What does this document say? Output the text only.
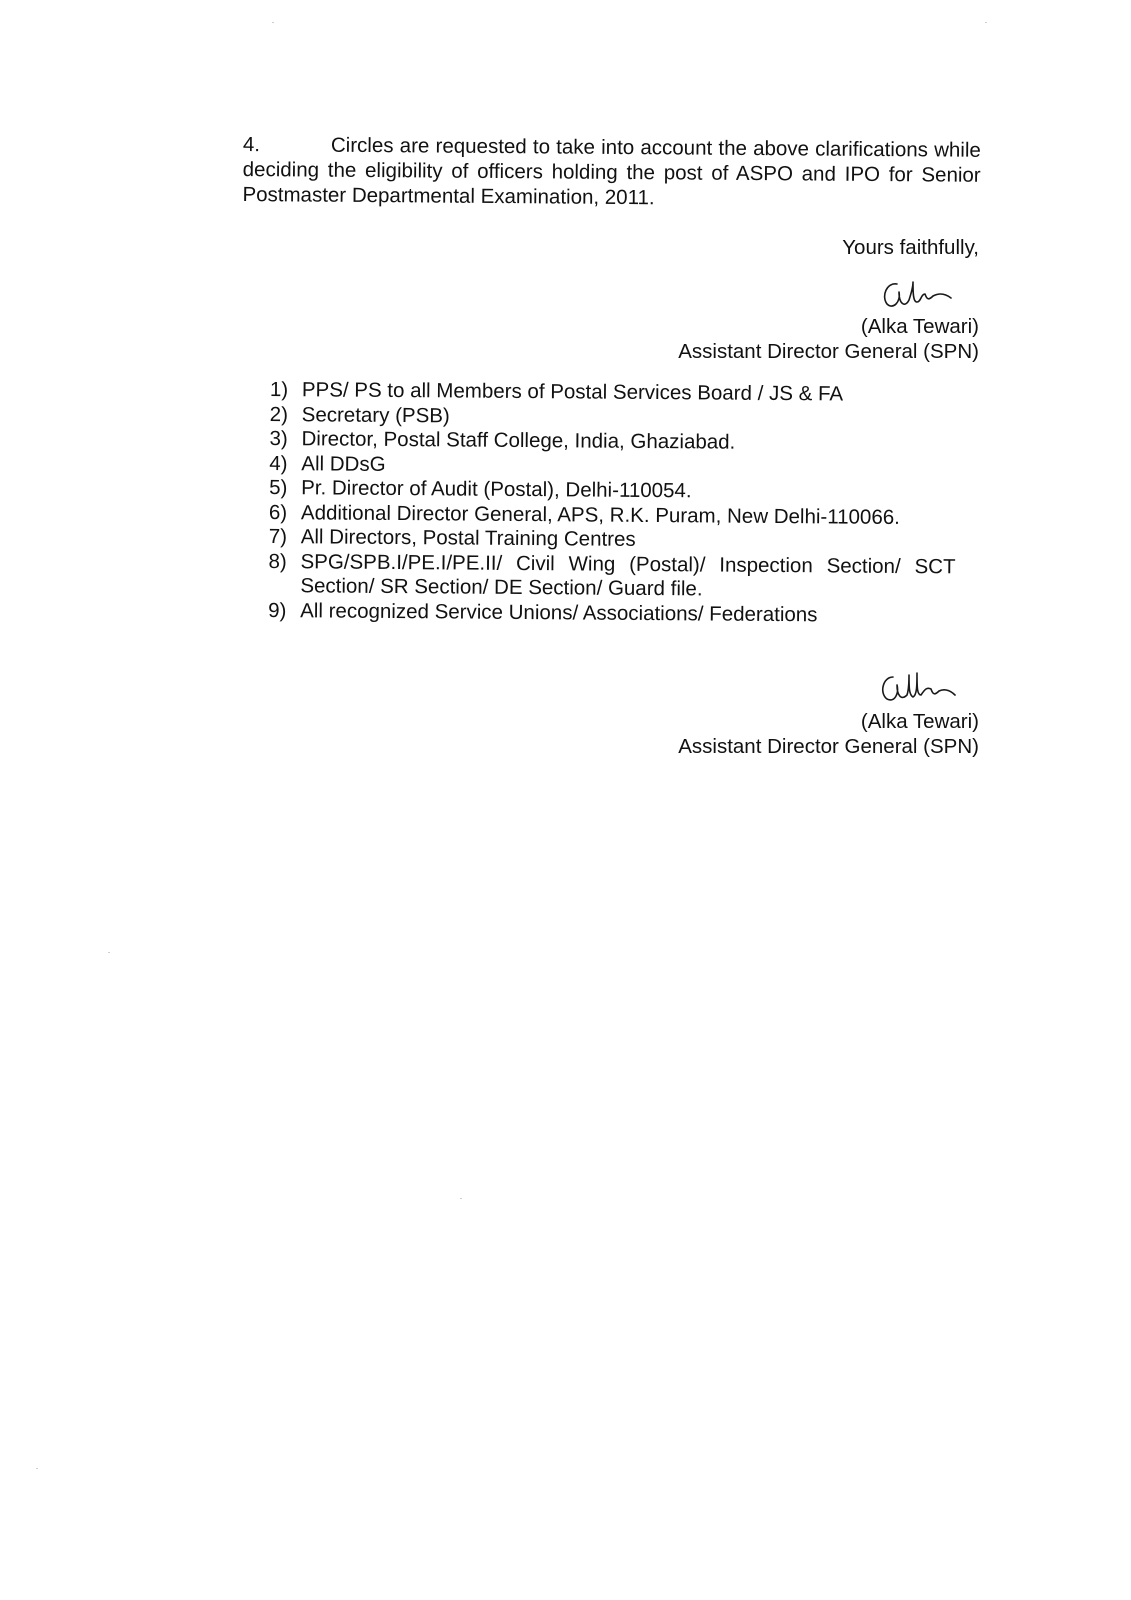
4.	Circles are requested to take into account the above clarifications while deciding the eligibility of officers holding the post of ASPO and IPO for Senior Postmaster Departmental Examination, 2011.
Yours faithfully,
(Alka Tewari)
Assistant Director General (SPN)
1) PPS/ PS to all Members of Postal Services Board / JS & FA
2) Secretary (PSB)
3) Director, Postal Staff College, India, Ghaziabad.
4) All DDsG
5) Pr. Director of Audit (Postal), Delhi-110054.
6) Additional Director General, APS, R.K. Puram, New Delhi-110066.
7) All Directors, Postal Training Centres
8) SPG/SPB.I/PE.I/PE.II/ Civil Wing (Postal)/ Inspection Section/ SCT Section/ SR Section/ DE Section/ Guard file.
9) All recognized Service Unions/ Associations/ Federations
(Alka Tewari)
Assistant Director General (SPN)
